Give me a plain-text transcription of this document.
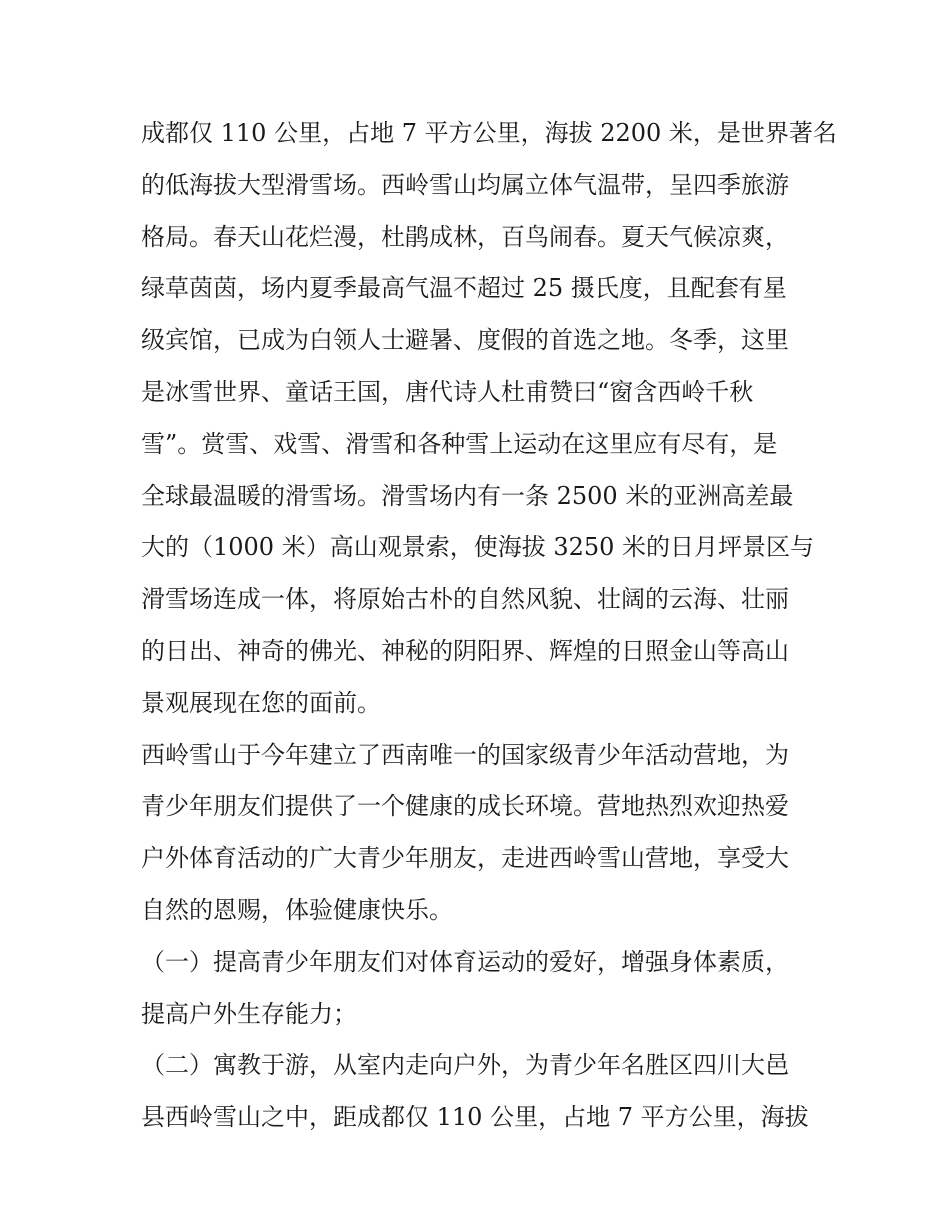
成都仅 110 公里，占地 7 平方公里，海拔 2200 米，是世界著名
的低海拔大型滑雪场。西岭雪山均属立体气温带，呈四季旅游
格局。春天山花烂漫，杜鹃成林，百鸟闹春。夏天气候凉爽，
绿草茵茵，场内夏季最高气温不超过 25 摄氏度，且配套有星
级宾馆，已成为白领人士避暑、度假的首选之地。冬季，这里
是冰雪世界、童话王国，唐代诗人杜甫赞曰“窗含西岭千秋
雪”。赏雪、戏雪、滑雪和各种雪上运动在这里应有尽有，是
全球最温暖的滑雪场。滑雪场内有一条 2500 米的亚洲高差最
大的（1000 米）高山观景索，使海拔 3250 米的日月坪景区与
滑雪场连成一体，将原始古朴的自然风貌、壮阔的云海、壮丽
的日出、神奇的佛光、神秘的阴阳界、辉煌的日照金山等高山
景观展现在您的面前。

西岭雪山于今年建立了西南唯一的国家级青少年活动营地，为
青少年朋友们提供了一个健康的成长环境。营地热烈欢迎热爱
户外体育活动的广大青少年朋友，走进西岭雪山营地，享受大
自然的恩赐，体验健康快乐。

（一）提高青少年朋友们对体育运动的爱好，增强身体素质，
提高户外生存能力；

（二）寓教于游，从室内走向户外，为青少年名胜区四川大邑
县西岭雪山之中，距成都仅 110 公里，占地 7 平方公里，海拔
